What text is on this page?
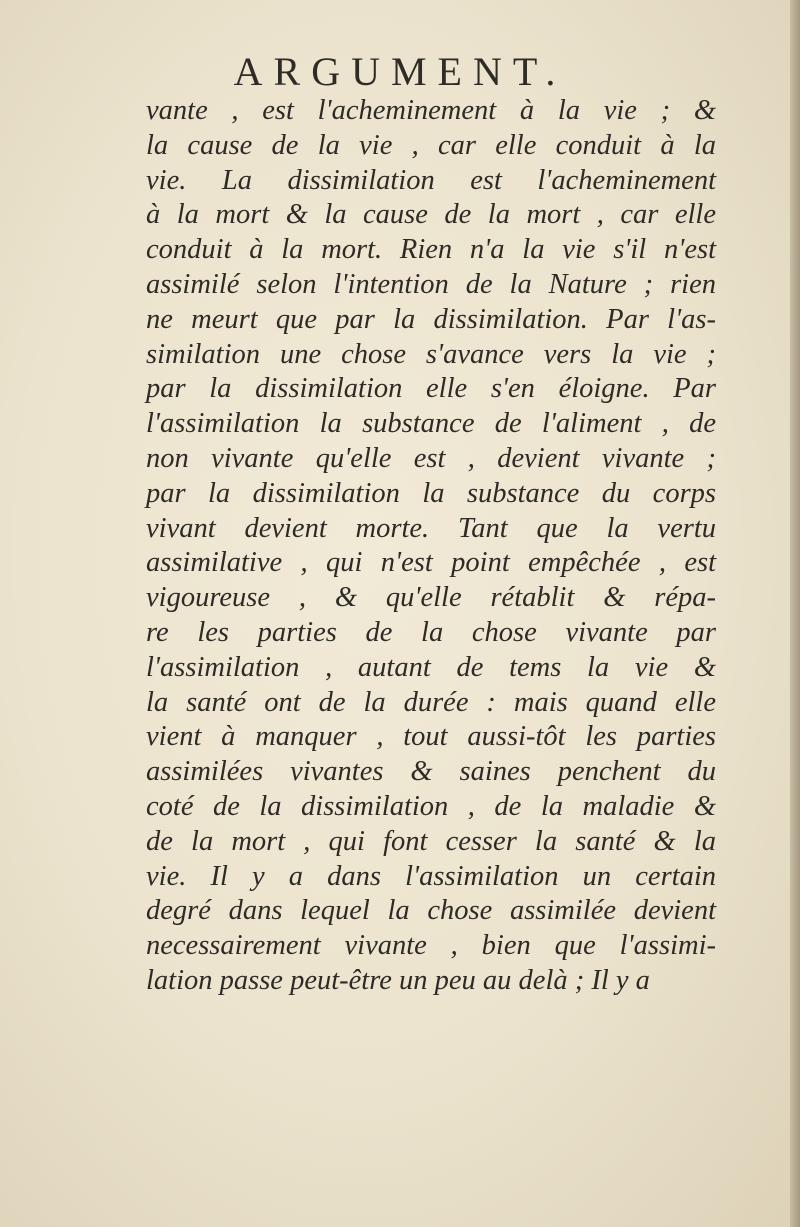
ARGUMENT.
vante , est l'acheminement à la vie ; &
la cause de la vie , car elle conduit à la
vie. La dissimilation est l'acheminement
à la mort & la cause de la mort , car elle
conduit à la mort. Rien n'a la vie s'il n'est
assimilé selon l'intention de la Nature ; rien
ne meurt que par la dissimilation. Par l'as-
similation une chose s'avance vers la vie ;
par la dissimilation elle s'en éloigne. Par
l'assimilation la substance de l'aliment , de
non vivante qu'elle est , devient vivante ;
par la dissimilation la substance du corps
vivant devient morte. Tant que la vertu
assimilative , qui n'est point empêchée , est
vigoureuse , & qu'elle rétablit & répa-
re les parties de la chose vivante par
l'assimilation , autant de tems la vie &
la santé ont de la durée : mais quand elle
vient à manquer , tout aussi-tôt les parties
assimilées vivantes & saines penchent du
coté de la dissimilation , de la maladie &
de la mort , qui font cesser la santé & la
vie. Il y a dans l'assimilation un certain
degré dans lequel la chose assimilée devient
necessairement vivante , bien que l'assimi-
lation passe peut-être un peu au delà ; Il y a
